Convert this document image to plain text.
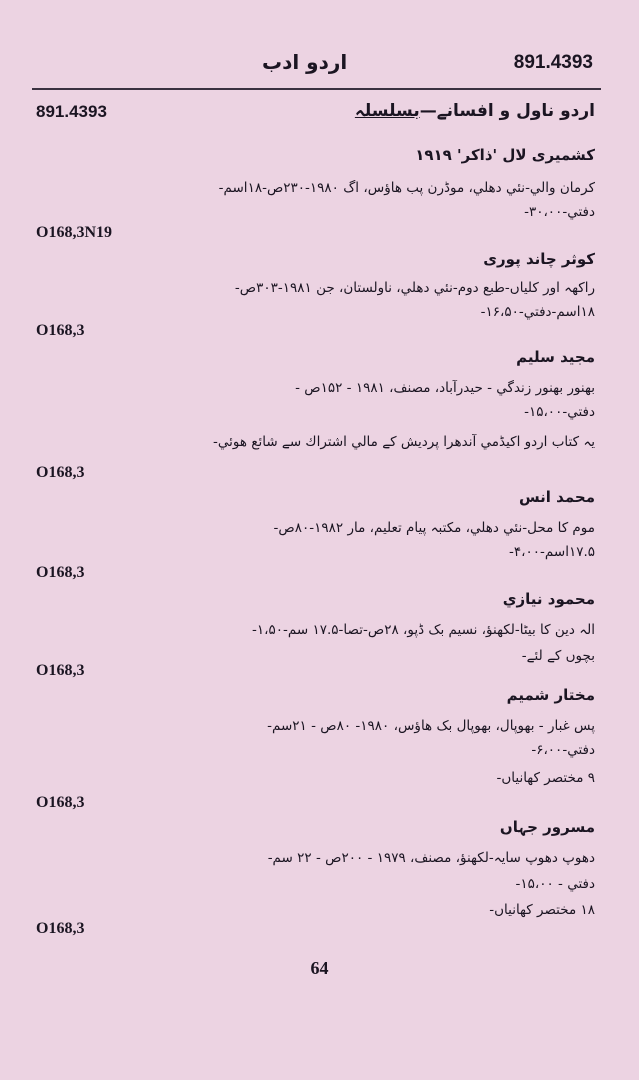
اردو ادب	891.4393
891.4393	اردو ناول و افسانے—بسلسلہ
کشمیری لال 'ذاکر' ۱۹۱۹
کرمان والي-نئي دهلي، موڈرن پب هاؤس، اگ ۱۹۸۰-۲۳۰ص-۱۸اسم-
دفتي-۳۰،۰۰-
O168,3N19
کوثر چاند پوری
راکهہ اور کلیاں-طبع دوم-نئي دهلي، ناولستان، جن ۱۹۸۱-۳۰۳ص-
۱۸اسم-دفتي-۱۶،۵۰-
O168,3
مجيد سليم
بهنور بهنور زندگي - حيدرآباد، مصنف، ۱۹۸۱ - ۱۵۲ص -
دفتي-۱۵،۰۰-
يہ كتاب اردو اكيڈمي آندهرا پرديش كے مالي اشتراك سے شائع هوئي-
O168,3
محمد انس
موم كا محل-نئي دهلي، مكتبہ پيام تعليم، مار ۱۹۸۲-۸۰ص-
۱۷.۵اسم-۴،۰۰-
O168,3
محمود نيازي
الہ دين كا بيٹا-لكهنؤ، نسيم بک ڈپو، ۲۸ص-تصا-۱۷.۵ سم-۱،۵۰-
بچوں كے لئے-
O168,3
مختار شميم
پس غبار - بهوپال، بهوپال بک هاؤس، ۱۹۸۰- ۸۰ص - ۲۱سم-
دفتي-۶،۰۰-
۹ مختصر كهانياں-
O168,3
مسرور جہاں
دهوپ دهوپ سايہ-لكهنؤ، مصنف، ۱۹۷۹ - ۲۰۰ص - ۲۲ سم-
دفتي - ۱۵،۰۰-
۱۸ مختصر كهانياں-
O168,3
64
